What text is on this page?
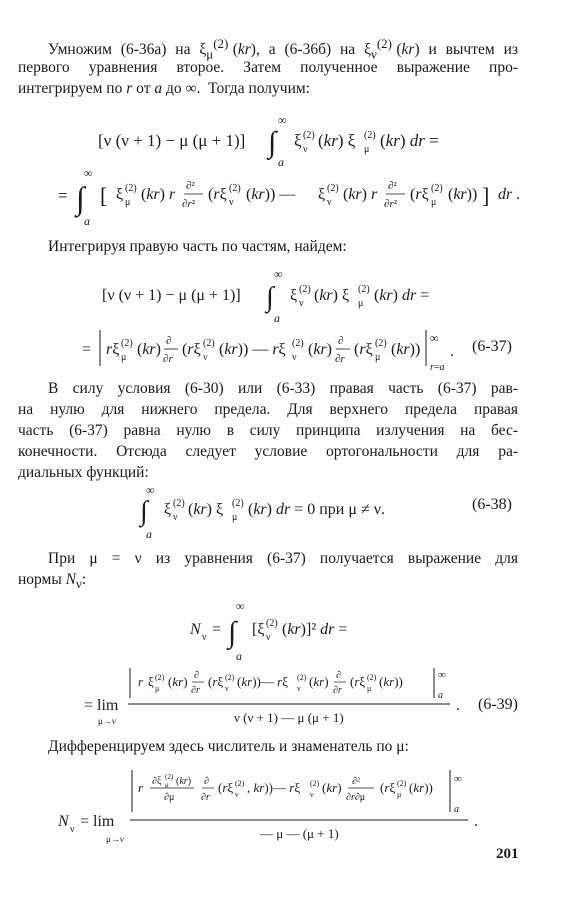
Умножим  (6-36а)  на  $\xi_\mu^{(2)}$ (kr),  а  (6-36б)  на  $\xi_\nu^{(2)}$ (kr)  и  вычтем  из
первого уравнения второе. Затем полученное выражение про-
интегрируем по r от a до ∞.  Тогда получим:
[ν (ν + 1) − μ (μ + 1)] ∫
∞
a
ξ (2)
ν (kr) ξ (2)
μ (kr) dr =
= ∫
∞
a
[ ξ (2)
μ (kr) r ∂²
∂r²
(rξ (2)
ν (kr)) — ξ (2)
ν (kr) r ∂²
∂r²
(rξ (2)
μ (kr)) ] dr .
Интегрируя правую часть по частям, найдем:
[ν (ν + 1) − μ (μ + 1)] ∫
∞
a
ξ (2)
ν (kr) ξ (2)
μ (kr) dr =
= rξ (2)
μ (kr) ∂
∂r
(rξ (2)
ν (kr)) — rξ (2)
ν (kr) ∂
∂r
(rξ (2)
μ (kr))
∞
r=a
. (6-37)
В силу условия (6-30) или (6-33) правая часть (6-37) рав-
на нулю для нижнего предела. Для верхнего предела правая
часть (6-37) равна нулю в силу принципа излучения на бес-
конечности. Отсюда следует условие ортогональности для ра-
диальных функций:
∫
∞
a
ξ (2)
ν (kr) ξ (2)
μ (kr) dr = 0 при μ ≠ ν.	(6-38)
При μ = ν из уравнения (6-37) получается выражение для
нормы $N_\nu$:
N ν = ∫
∞
a
[ξ (2)
ν (kr)]² dr =
= lim
μ→ν
r ξ (2)
μ (kr) ∂
∂r
(rξ (2)
ν (kr))— rξ (2)
ν (kr) ∂
∂r
(rξ (2)
μ (kr))	∞
a
ν (ν + 1) — μ (μ + 1)
. (6-39)
Дифференцируем здесь числитель и знаменатель по μ:
N ν = lim
μ→ν
r ∂ξ (2)
μ (kr)
∂μ
∂
∂r
(rξ (2)
ν , kr))— rξ (2)
ν (kr) ∂²
∂r∂μ
(rξ (2)
μ (kr))
∞
a
— μ — (μ + 1)
.
201
